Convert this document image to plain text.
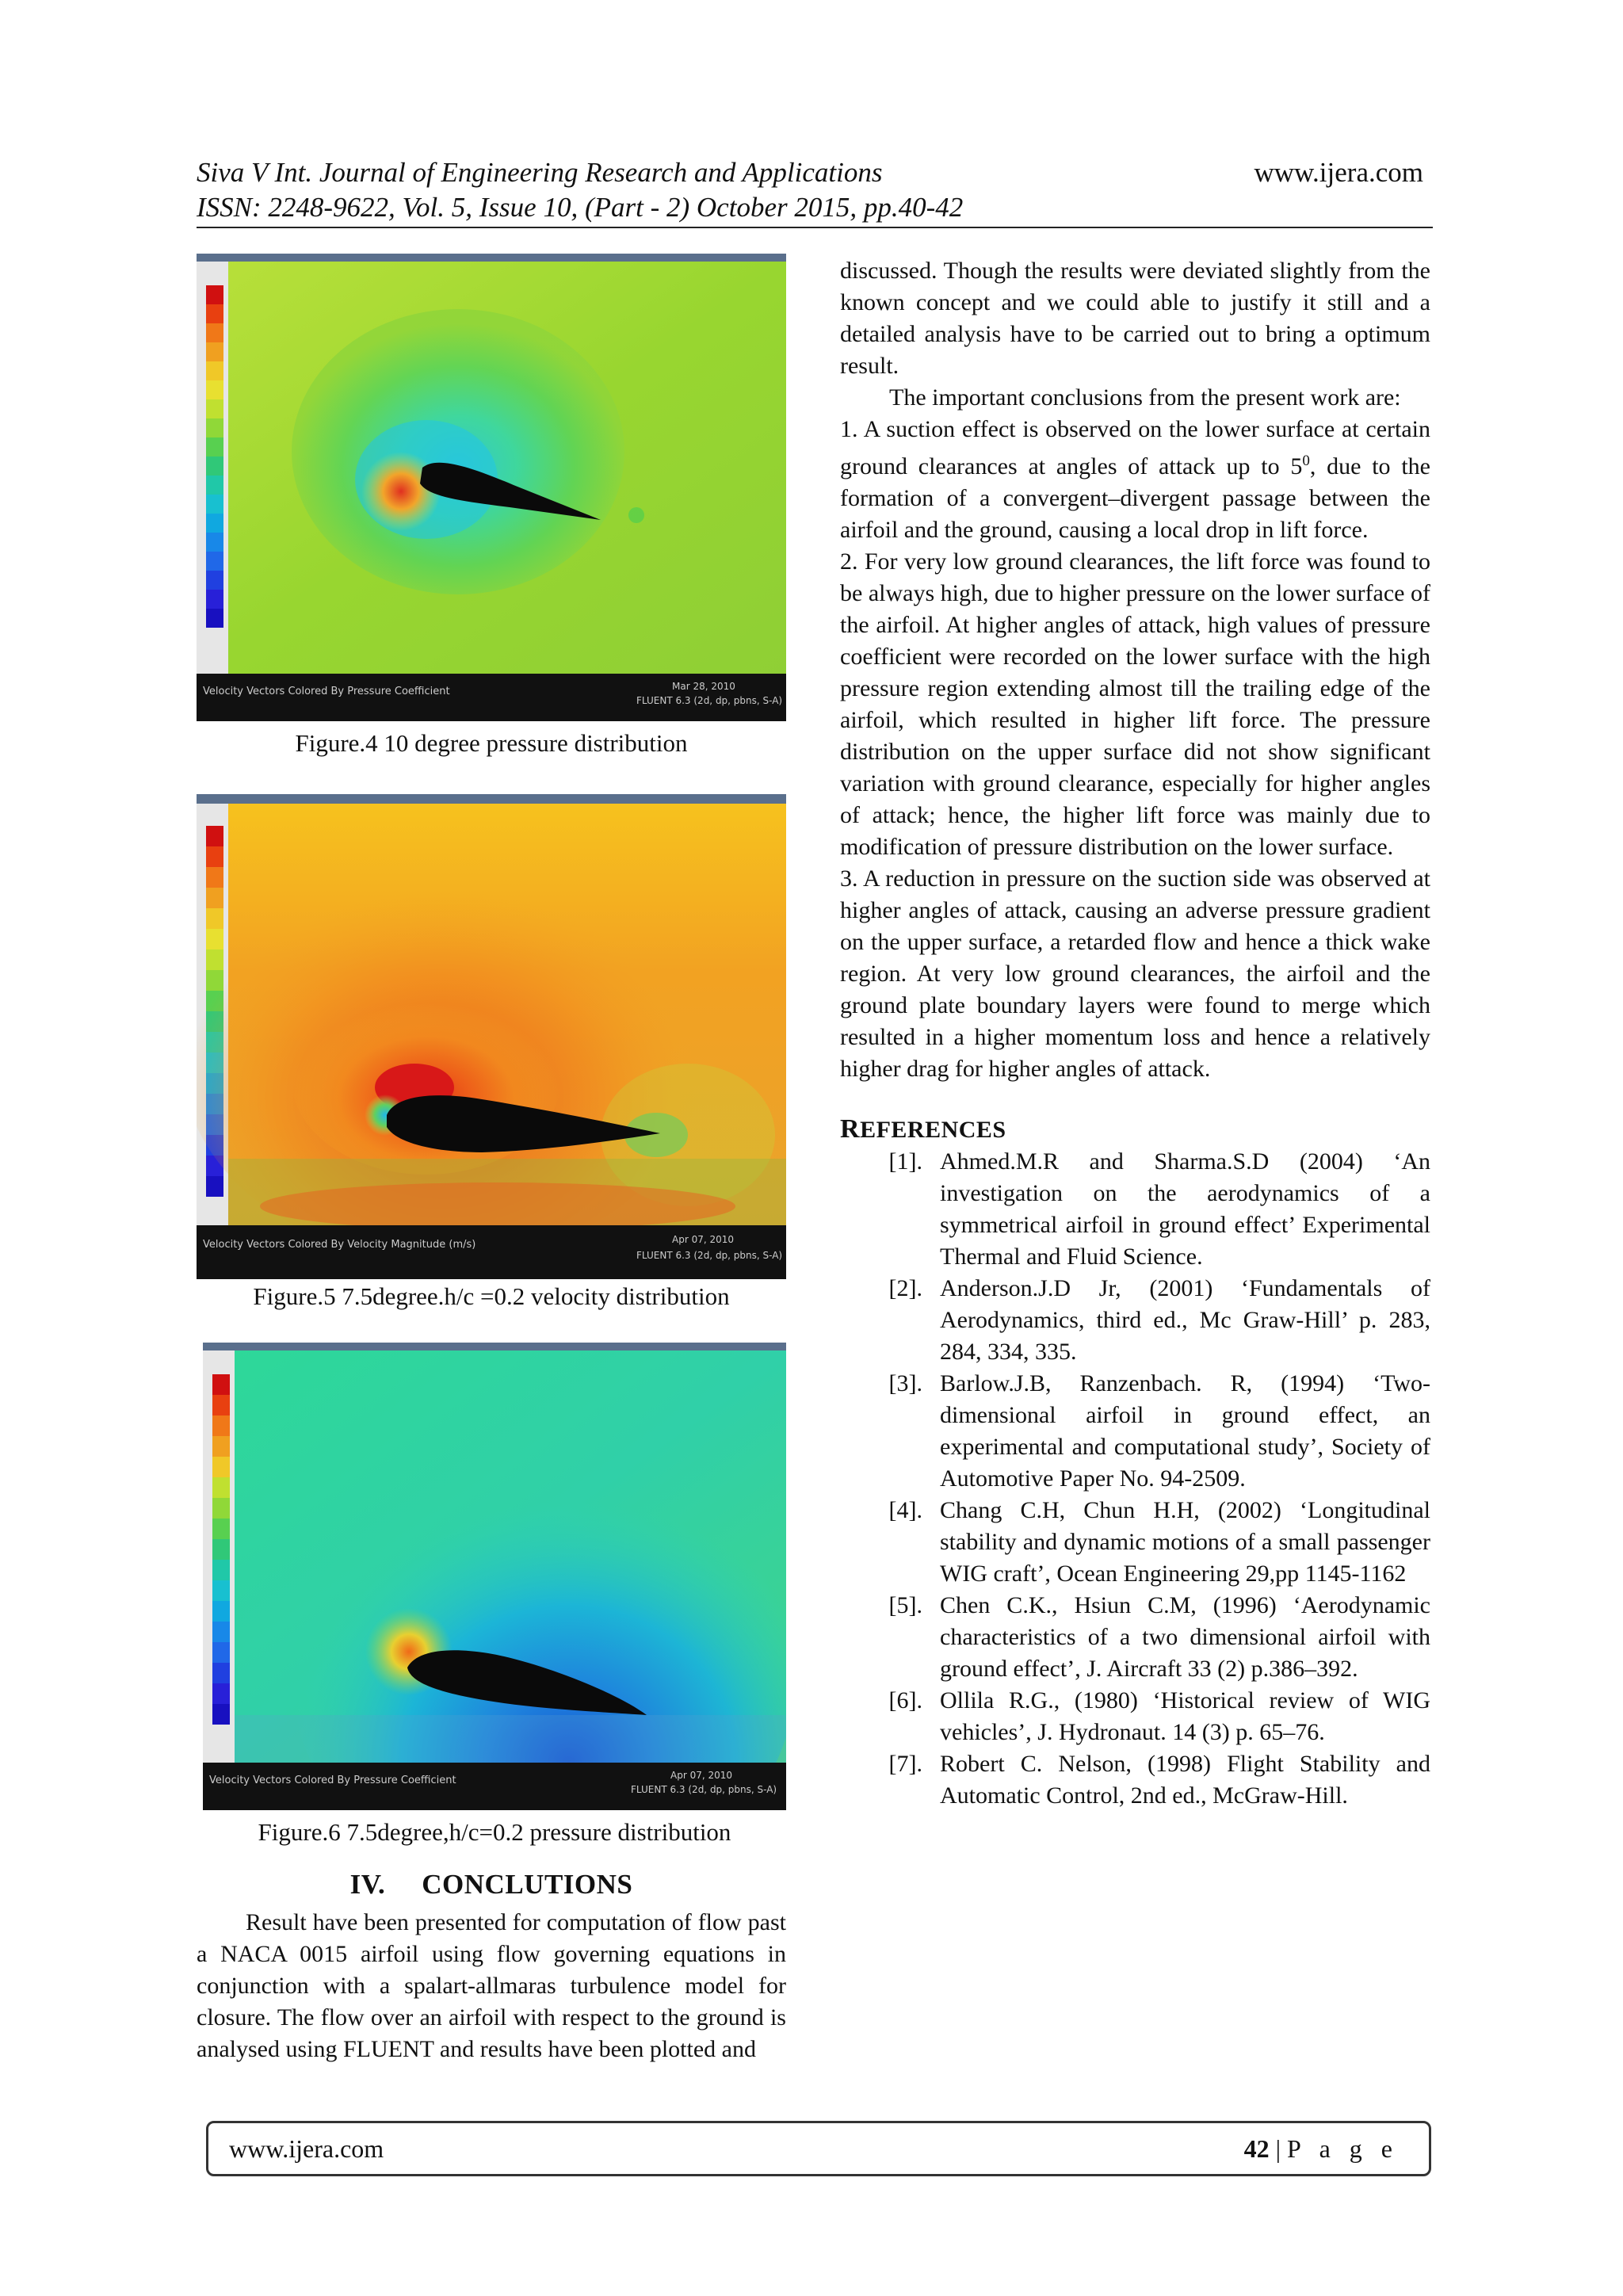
Siva V Int. Journal of Engineering Research and Applications	www.ijera.com
ISSN: 2248-9622, Vol. 5, Issue 10, (Part - 2) October 2015, pp.40-42
Velocity Vectors Colored By Pressure Coefficient	Mar 28, 2010
FLUENT 6.3 (2d, dp, pbns, S-A)
Figure.4 10 degree pressure distribution
Velocity Vectors Colored By Velocity Magnitude (m/s)	Apr 07, 2010
FLUENT 6.3 (2d, dp, pbns, S-A)
Figure.5 7.5degree.h/c =0.2 velocity distribution
Velocity Vectors Colored By Pressure Coefficient	Apr 07, 2010
FLUENT 6.3 (2d, dp, pbns, S-A)
Figure.6 7.5degree,h/c=0.2 pressure distribution
IV. CONCLUTIONS

Result have been presented for computation of flow past a NACA 0015 airfoil using flow governing equations in conjunction with a spalart-allmaras turbulence model for closure. The flow over an airfoil with respect to the ground is analysed using FLUENT and results have been plotted and

discussed. Though the results were deviated slightly from the known concept and we could able to justify it still and a detailed analysis have to be carried out to bring a optimum result.

The important conclusions from the present work are:

1. A suction effect is observed on the lower surface at certain ground clearances at angles of attack up to $5^0$, due to the formation of a convergent–divergent passage between the airfoil and the ground, causing a local drop in lift force.

2. For very low ground clearances, the lift force was found to be always high, due to higher pressure on the lower surface of the airfoil. At higher angles of attack, high values of pressure coefficient were recorded on the lower surface with the high pressure region extending almost till the trailing edge of the airfoil, which resulted in higher lift force. The pressure distribution on the upper surface did not show significant variation with ground clearance, especially for higher angles of attack; hence, the higher lift force was mainly due to modification of pressure distribution on the lower surface.

3. A reduction in pressure on the suction side was observed at higher angles of attack, causing an adverse pressure gradient on the upper surface, a retarded flow and hence a thick wake region. At very low ground clearances, the airfoil and the ground plate boundary layers were found to merge which resulted in a higher momentum loss and hence a relatively higher drag for higher angles of attack.

REFERENCES
[1]. Ahmed.M.R and Sharma.S.D (2004) ‘An investigation on the aerodynamics of a symmetrical airfoil in ground effect’ Experimental Thermal and Fluid Science.
[2]. Anderson.J.D Jr, (2001) ‘Fundamentals of Aerodynamics, third ed., Mc Graw-Hill’ p. 283, 284, 334, 335.
[3]. Barlow.J.B, Ranzenbach. R, (1994) ‘Two-dimensional airfoil in ground effect, an experimental and computational study’, Society of Automotive Paper No. 94-2509.
[4]. Chang C.H, Chun H.H, (2002) ‘Longitudinal stability and dynamic motions of a small passenger WIG craft’, Ocean Engineering 29,pp 1145-1162
[5]. Chen C.K., Hsiun C.M, (1996) ‘Aerodynamic characteristics of a two dimensional airfoil with ground effect’, J. Aircraft 33 (2) p.386–392.
[6]. Ollila R.G., (1980) ‘Historical review of WIG vehicles’, J. Hydronaut. 14 (3) p. 65–76.
[7]. Robert C. Nelson, (1998) Flight Stability and Automatic Control, 2nd ed., McGraw-Hill.
www.ijera.com	42 | P a g e
